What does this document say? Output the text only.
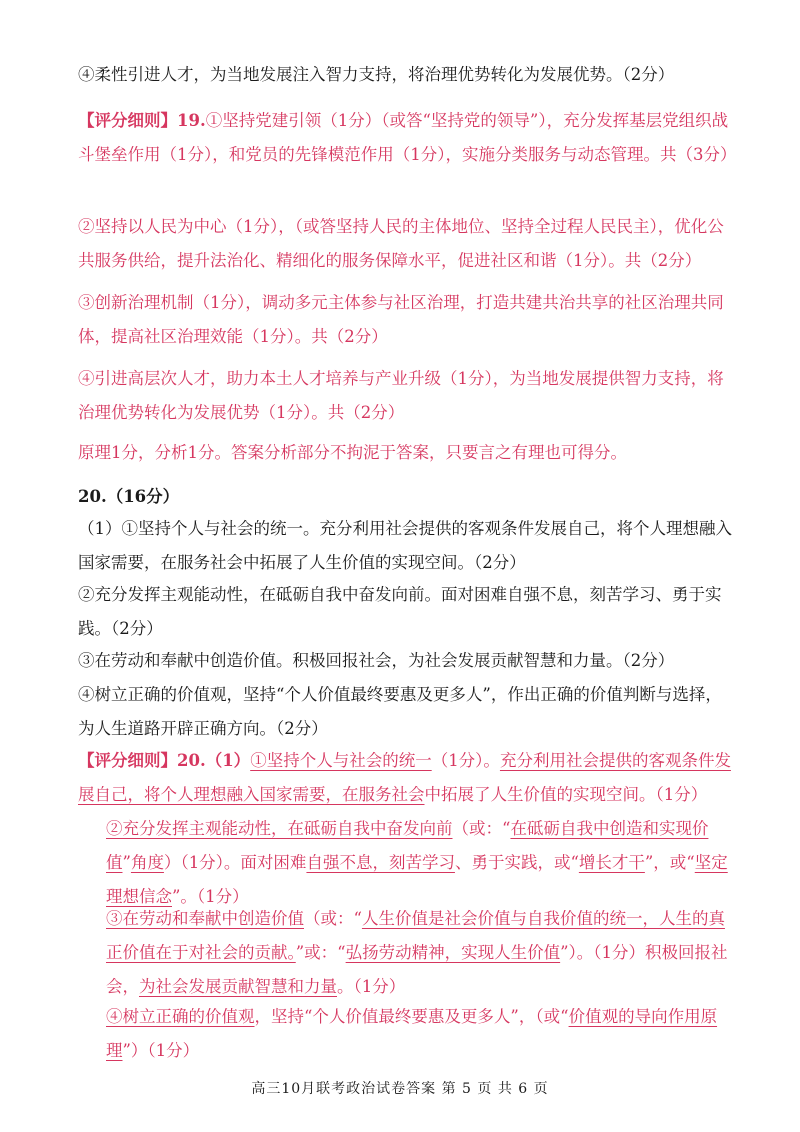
④柔性引进人才，为当地发展注入智力支持，将治理优势转化为发展优势。（2分）
【评分细则】19.①坚持党建引领（1分）（或答“坚持党的领导”），充分发挥基层党组织战斗堡垒作用（1分），和党员的先锋模范作用（1分），实施分类服务与动态管理。共（3分）
②坚持以人民为中心（1分），（或答坚持人民的主体地位、坚持全过程人民民主），优化公共服务供给，提升法治化、精细化的服务保障水平，促进社区和谐（1分）。共（2分）
③创新治理机制（1分），调动多元主体参与社区治理，打造共建共治共享的社区治理共同体，提高社区治理效能（1分）。共（2分）
④引进高层次人才，助力本土人才培养与产业升级（1分），为当地发展提供智力支持，将治理优势转化为发展优势（1分）。共（2分）
原理1分，分析1分。答案分析部分不拘泥于答案，只要言之有理也可得分。
20.（16分）
（1）①坚持个人与社会的统一。充分利用社会提供的客观条件发展自己，将个人理想融入国家需要，在服务社会中拓展了人生价值的实现空间。（2分）
②充分发挥主观能动性，在砥砺自我中奋发向前。面对困难自强不息，刻苦学习、勇于实践。（2分）
③在劳动和奉献中创造价值。积极回报社会，为社会发展贡献智慧和力量。（2分）
④树立正确的价值观，坚持“个人价值最终要惠及更多人”，作出正确的价值判断与选择，为人生道路开辟正确方向。（2分）
【评分细则】20.（1）①坚持个人与社会的统一（1分）。充分利用社会提供的客观条件发展自己，将个人理想融入国家需要，在服务社会中拓展了人生价值的实现空间。（1分）
②充分发挥主观能动性，在砥砺自我中奋发向前（或：“在砥砺自我中创造和实现价值”角度）（1分）。面对困难自强不息，刻苦学习、勇于实践，或“增长才干”，或“坚定理想信念”。（1分）
③在劳动和奉献中创造价值（或：“人生价值是社会价值与自我价值的统一，人生的真正价值在于对社会的贡献。”或：“弘扬劳动精神，实现人生价值”）。（1分）积极回报社会，为社会发展贡献智慧和力量。（1分）
④树立正确的价值观，坚持“个人价值最终要惠及更多人”，（或“价值观的导向作用原理”）（1分）
高三10月联考政治试卷答案 第 5 页 共 6 页
